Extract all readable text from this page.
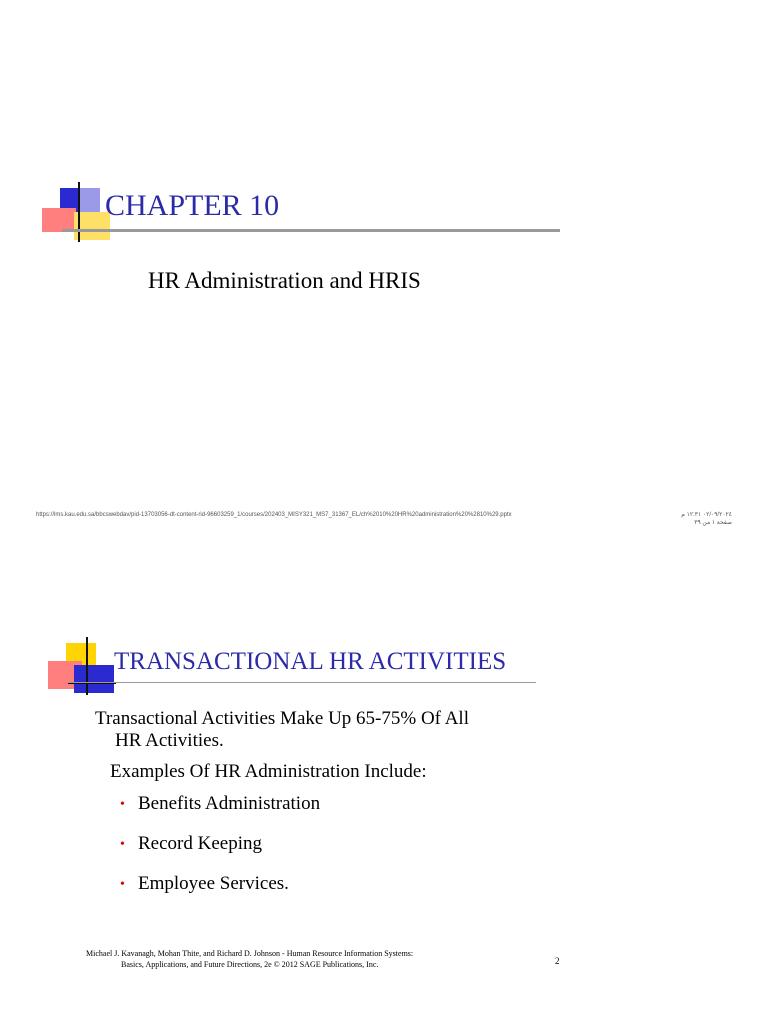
CHAPTER 10
HR Administration and HRIS
https://lms.kau.edu.sa/bbcswebdav/pid-13703056-dt-content-rid-96603259_1/courses/202403_MISY321_MS7_31367_EL/ch%2010%20HR%20administration%20%2810%29.pptx	٠٢/٠٩/٢٠٢٤ ١٢:٣١ م
صفحة ١ من ٣٩
TRANSACTIONAL HR ACTIVITIES
Transactional Activities Make Up 65-75% Of All
HR Activities.
Examples Of HR Administration Include:
• Benefits Administration
• Record Keeping
• Employee Services.
Michael J. Kavanagh, Mohan Thite, and Richard D. Johnson - Human Resource Information Systems:
Basics, Applications, and Future Directions, 2e © 2012 SAGE Publications, Inc.	2
